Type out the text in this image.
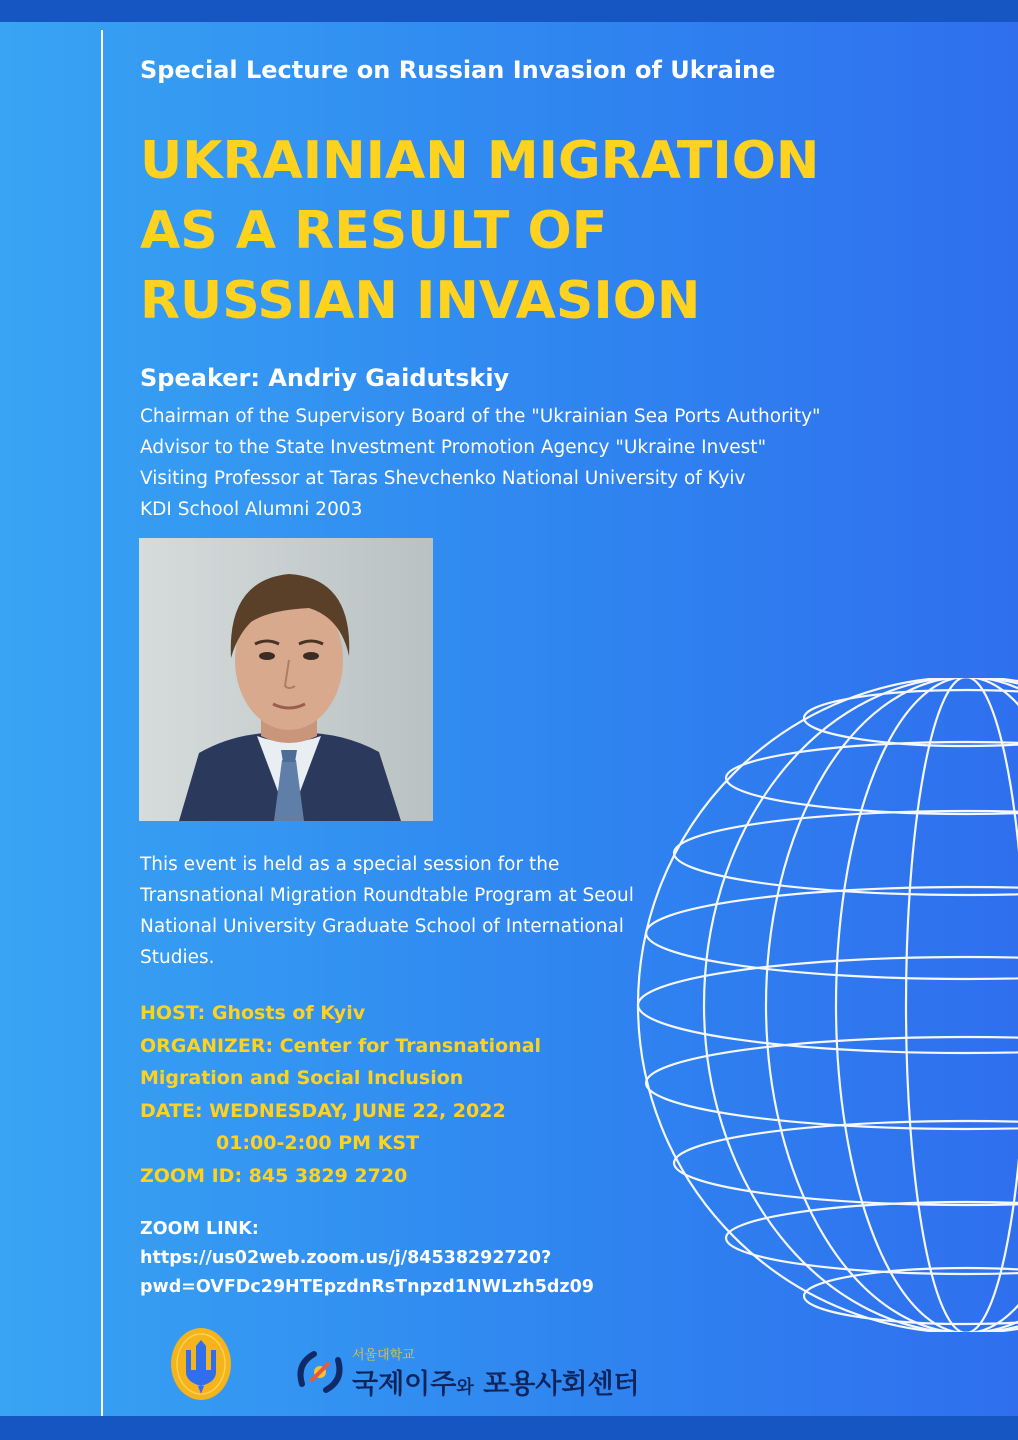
Special Lecture on Russian Invasion of Ukraine
UKRAINIAN MIGRATION
AS A RESULT OF
RUSSIAN INVASION
Speaker: Andriy Gaidutskiy
Chairman of the Supervisory Board of the "Ukrainian Sea Ports Authority"
Advisor to the State Investment Promotion Agency "Ukraine Invest"
Visiting Professor at Taras Shevchenko National University of Kyiv
KDI School Alumni 2003
This event is held as a special session for the
Transnational Migration Roundtable Program at Seoul
National University Graduate School of International
Studies.
HOST: Ghosts of Kyiv
ORGANIZER: Center for Transnational
Migration and Social Inclusion
DATE: WEDNESDAY, JUNE 22, 2022
01:00-2:00 PM KST
ZOOM ID: 845 3829 2720
ZOOM LINK:
https://us02web.zoom.us/j/84538292720?
pwd=OVFDc29HTEpzdnRsTnpzd1NWLzh5dz09
서울대학교
국제이주와 포용사회센터
